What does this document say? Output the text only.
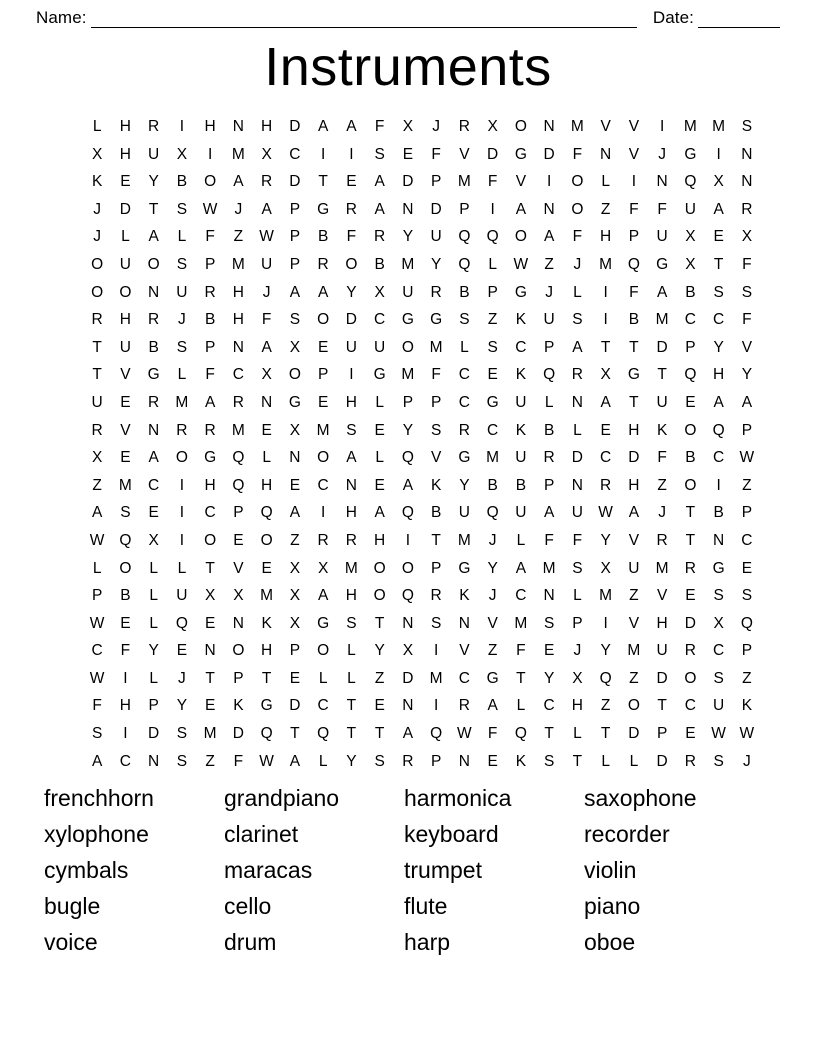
Name:	Date:
Instruments
L	H	R	I	H	N	H	D	A	A	F	X	J	R	X	O	N	M	V	V	I	M	M	S
X	H	U	X	I	M	X	C	I	I	S	E	F	V	D	G	D	F	N	V	J	G	I	N
K	E	Y	B	O	A	R	D	T	E	A	D	P	M	F	V	I	O	L	I	N	Q	X	N
J	D	T	S	W	J	A	P	G	R	A	N	D	P	I	A	N	O	Z	F	F	U	A	R
J	L	A	L	F	Z	W	P	B	F	R	Y	U	Q	Q	O	A	F	H	P	U	X	E	X
O	U	O	S	P	M	U	P	R	O	B	M	Y	Q	L	W	Z	J	M	Q	G	X	T	F
O	O	N	U	R	H	J	A	A	Y	X	U	R	B	P	G	J	L	I	F	A	B	S	S
R	H	R	J	B	H	F	S	O	D	C	G	G	S	Z	K	U	S	I	B	M	C	C	F
T	U	B	S	P	N	A	X	E	U	U	O	M	L	S	C	P	A	T	T	D	P	Y	V
T	V	G	L	F	C	X	O	P	I	G	M	F	C	E	K	Q	R	X	G	T	Q	H	Y
U	E	R	M	A	R	N	G	E	H	L	P	P	C	G	U	L	N	A	T	U	E	A	A
R	V	N	R	R	M	E	X	M	S	E	Y	S	R	C	K	B	L	E	H	K	O	Q	P
X	E	A	O	G	Q	L	N	O	A	L	Q	V	G	M	U	R	D	C	D	F	B	C	W
Z	M	C	I	H	Q	H	E	C	N	E	A	K	Y	B	B	P	N	R	H	Z	O	I	Z
A	S	E	I	C	P	Q	A	I	H	A	Q	B	U	Q	U	A	U	W	A	J	T	B	P
W	Q	X	I	O	E	O	Z	R	R	H	I	T	M	J	L	F	F	Y	V	R	T	N	C
L	O	L	L	T	V	E	X	X	M	O	O	P	G	Y	A	M	S	X	U	M	R	G	E
P	B	L	U	X	X	M	X	A	H	O	Q	R	K	J	C	N	L	M	Z	V	E	S	S
W	E	L	Q	E	N	K	X	G	S	T	N	S	N	V	M	S	P	I	V	H	D	X	Q
C	F	Y	E	N	O	H	P	O	L	Y	X	I	V	Z	F	E	J	Y	M	U	R	C	P
W	I	L	J	T	P	T	E	L	L	Z	D	M	C	G	T	Y	X	Q	Z	D	O	S	Z
F	H	P	Y	E	K	G	D	C	T	E	N	I	R	A	L	C	H	Z	O	T	C	U	K
S	I	D	S	M	D	Q	T	Q	T	T	A	Q	W	F	Q	T	L	T	D	P	E	W	W
A	C	N	S	Z	F	W	A	L	Y	S	R	P	N	E	K	S	T	L	L	D	R	S	J
frenchhorn	grandpiano	harmonica	saxophone
xylophone	clarinet	keyboard	recorder
cymbals	maracas	trumpet	violin
bugle	cello	flute	piano
voice	drum	harp	oboe
